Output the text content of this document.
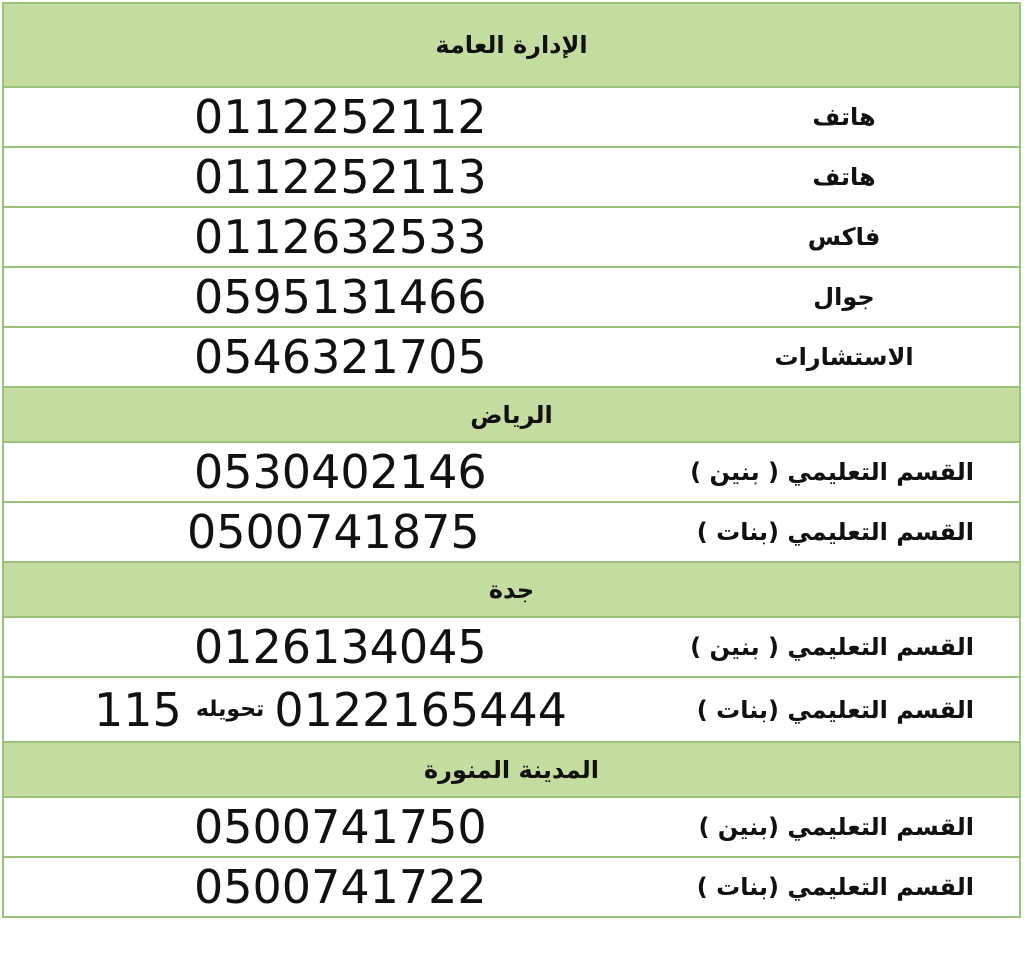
الإدارة العامة
هاتف
0112252112
هاتف
0112252113
فاكس
0112632533
جوال
0595131466
الاستشارات
0546321705
الرياض
القسم التعليمي ( بنين )
0530402146
القسم التعليمي (بنات )
0500741875
جدة
القسم التعليمي ( بنين )
0126134045
القسم التعليمي (بنات )
115 تحويله 0122165444
المدينة المنورة
القسم التعليمي (بنين )
0500741750
القسم التعليمي (بنات )
0500741722
